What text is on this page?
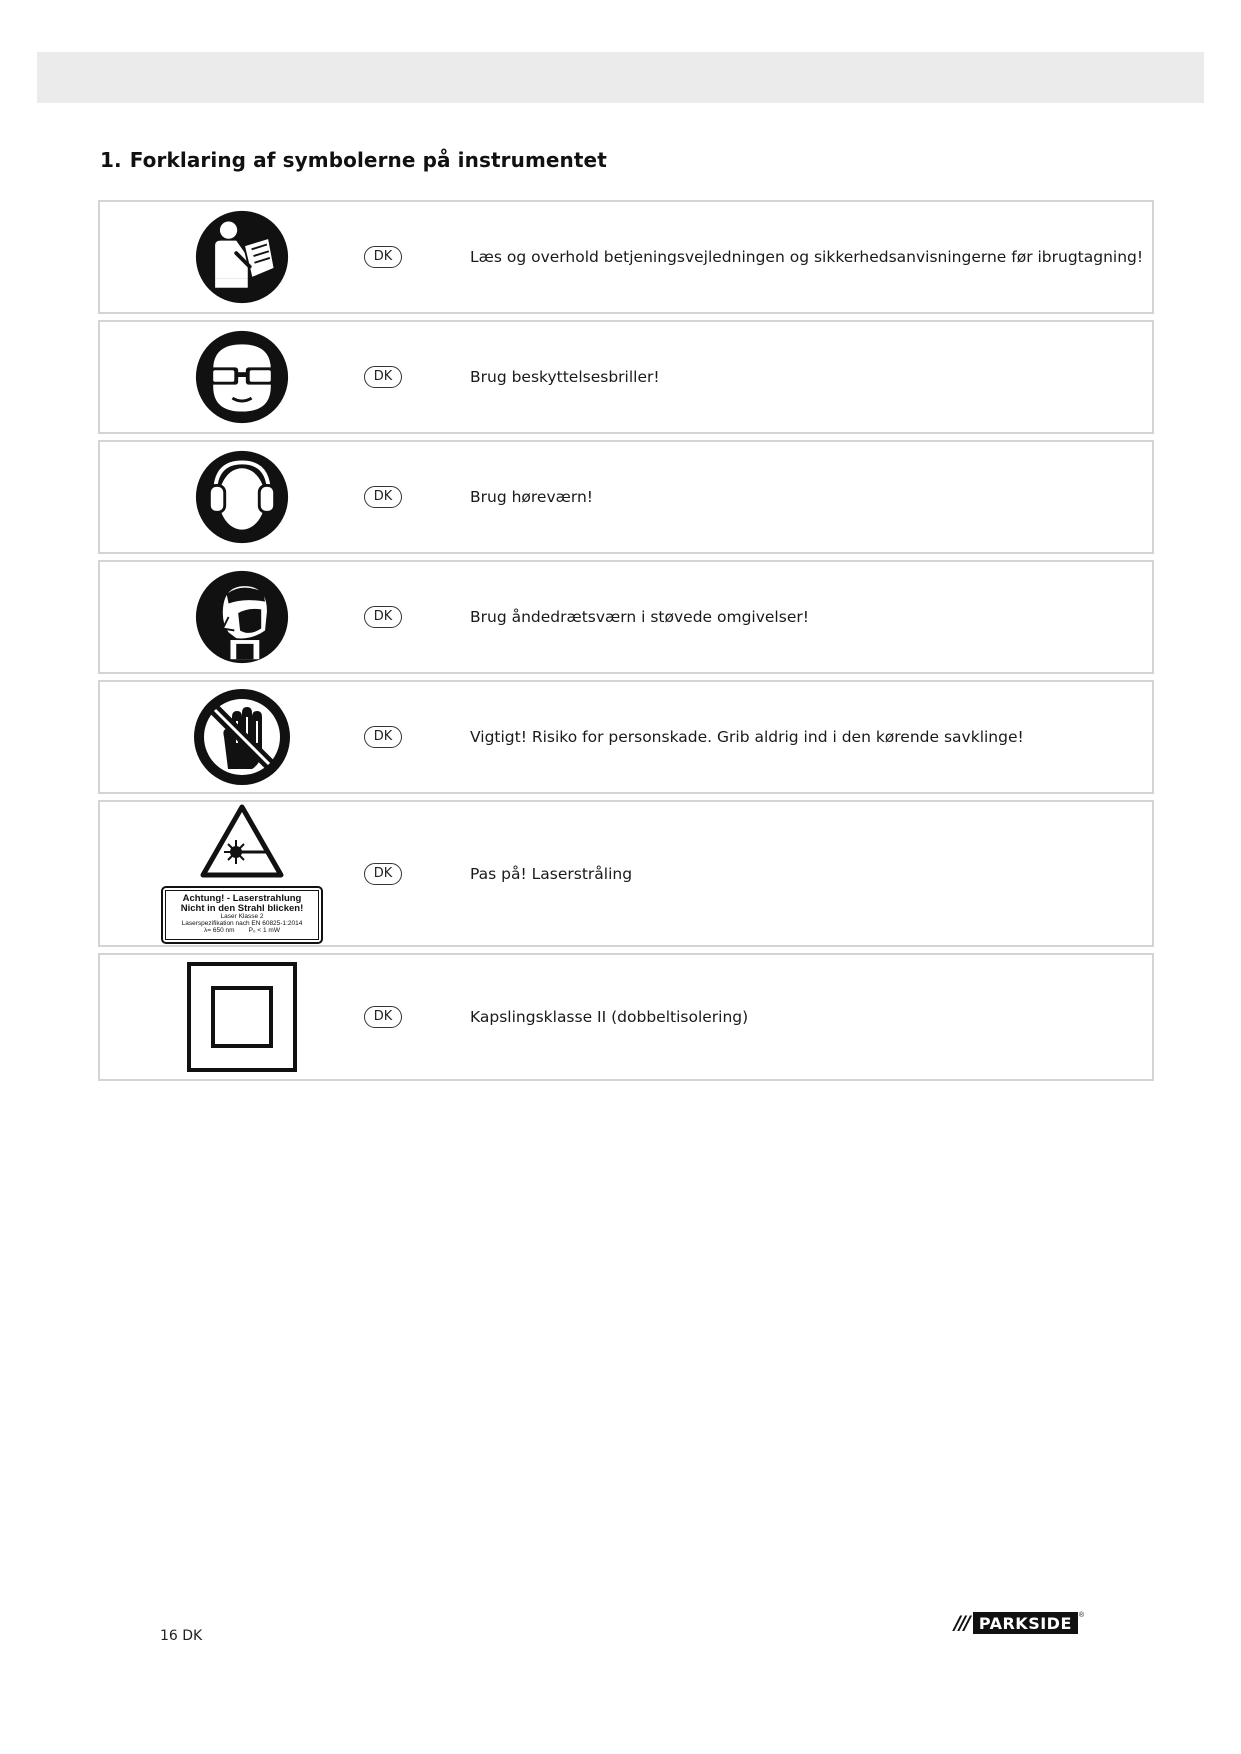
1. Forklaring af symbolerne på instrumentet
DK	Læs og overhold betjeningsvejledningen og sikkerhedsanvisningerne før ibrugtagning!
DK	Brug beskyttelsesbriller!
DK	Brug høreværn!
DK	Brug åndedrætsværn i støvede omgivelser!
DK	Vigtigt! Risiko for personskade. Grib aldrig ind i den kørende savklinge!
Achtung! - Laserstrahlung
Nicht in den Strahl blicken!
Laser Klasse 2
Laserspezifikation nach EN 60825-1:2014
λ= 650 nm P₀ < 1 mW
DK	Pas på! Laserstråling
DK	Kapslingsklasse II (dobbeltisolering)
16 DK
/// PARKSIDE	®
